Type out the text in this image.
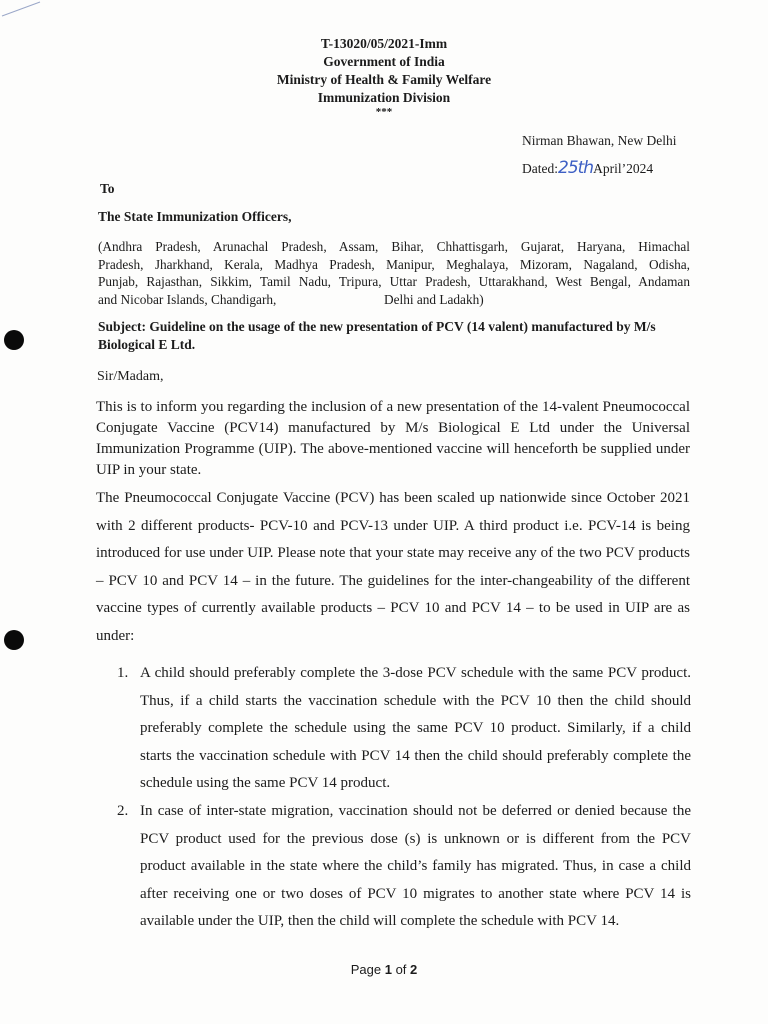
T-13020/05/2021-Imm
Government of India
Ministry of Health & Family Welfare
Immunization Division
***
Nirman Bhawan, New Delhi
Dated:25thApril’2024
To
The State Immunization Officers,
(Andhra Pradesh, Arunachal Pradesh, Assam, Bihar, Chhattisgarh, Gujarat, Haryana, Himachal
Pradesh, Jharkhand, Kerala, Madhya Pradesh, Manipur, Meghalaya, Mizoram, Nagaland, Odisha,
Punjab, Rajasthan, Sikkim, Tamil Nadu, Tripura, Uttar Pradesh, Uttarakhand, West Bengal, Andaman
and Nicobar Islands, Chandigarh,	Delhi and Ladakh)
Subject: Guideline on the usage of the new presentation of PCV (14 valent) manufactured by M/s Biological E Ltd.
Sir/Madam,
This is to inform you regarding the inclusion of a new presentation of the 14-valent Pneumococcal Conjugate Vaccine (PCV14) manufactured by M/s Biological E Ltd under the Universal Immunization Programme (UIP). The above-mentioned vaccine will henceforth be supplied under UIP in your state.
The Pneumococcal Conjugate Vaccine (PCV) has been scaled up nationwide since October 2021 with 2 different products- PCV-10 and PCV-13 under UIP. A third product i.e. PCV-14 is being introduced for use under UIP. Please note that your state may receive any of the two PCV products – PCV 10 and PCV 14 – in the future. The guidelines for the inter-changeability of the different vaccine types of currently available products – PCV 10 and PCV 14 – to be used in UIP are as under:
1. A child should preferably complete the 3-dose PCV schedule with the same PCV product. Thus, if a child starts the vaccination schedule with the PCV 10 then the child should preferably complete the schedule using the same PCV 10 product. Similarly, if a child starts the vaccination schedule with PCV 14 then the child should preferably complete the schedule using the same PCV 14 product.
2. In case of inter-state migration, vaccination should not be deferred or denied because the PCV product used for the previous dose (s) is unknown or is different from the PCV product available in the state where the child’s family has migrated. Thus, in case a child after receiving one or two doses of PCV 10 migrates to another state where PCV 14 is available under the UIP, then the child will complete the schedule with PCV 14.
Page 1 of 2
